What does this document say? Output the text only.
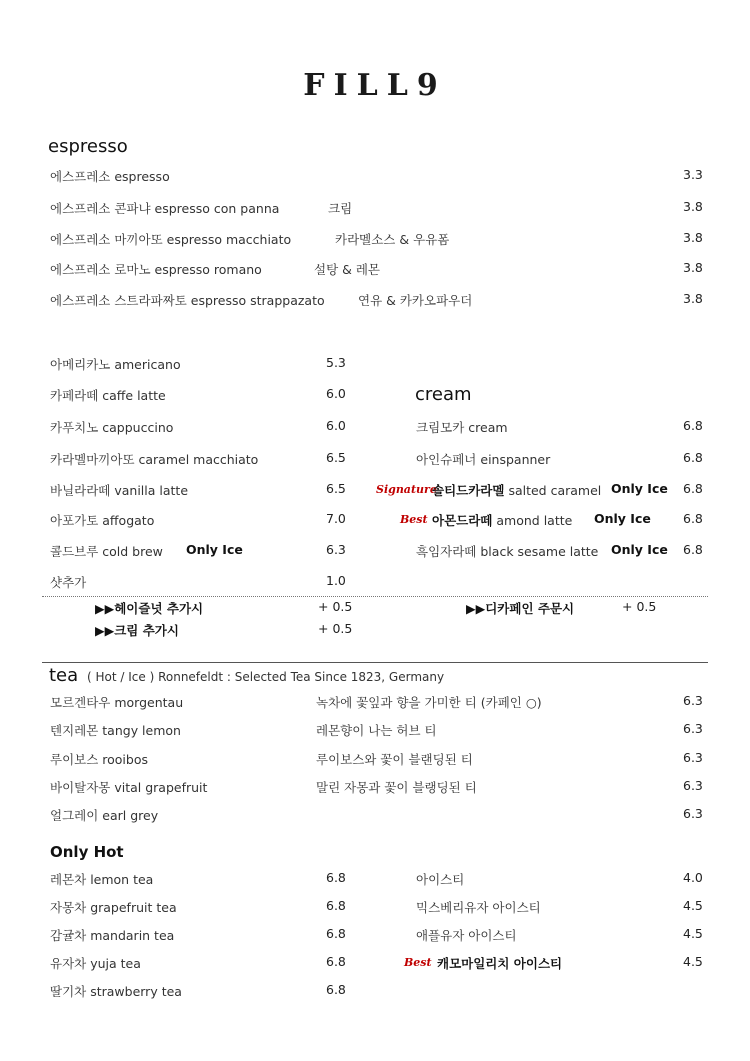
FILL9
espresso
에스프레소 espresso	3.3
에스프레소 콘파냐 espresso con panna	크림	3.8
에스프레소 마끼아또 espresso macchiato	카라멜소스 & 우유폼	3.8
에스프레소 로마노 espresso romano	설탕 & 레몬	3.8
에스프레소 스트라파짜토 espresso strappazato	연유 & 카카오파우더	3.8
아메리카노 americano	5.3
카페라떼 caffe latte	6.0
카푸치노 cappuccino	6.0
카라멜마끼아또 caramel macchiato	6.5
바닐라라떼 vanilla latte	6.5
아포가토 affogato	7.0
콜드브루 cold brew Only Ice	6.3
샷추가	1.0
cream
크림모카 cream	6.8
아인슈페너 einspanner	6.8
Signature
솔티드카라멜 salted caramel Only Ice 6.8
Best 아몬드라떼 amond latte Only Ice	6.8
흑임자라떼 black sesame latte Only Ice 6.8
▶▶헤이즐넛 추가시	+ 0.5
▶▶크림 추가시	+ 0.5
▶▶디카페인 주문시	+ 0.5
tea ( Hot / Ice ) Ronnefeldt : Selected Tea Since 1823, Germany
모르겐타우 morgentau	녹차에 꽃잎과 향을 가미한 티 (카페인 ○)	6.3
텐지레몬 tangy lemon	레몬향이 나는 허브 티	6.3
루이보스 rooibos	루이보스와 꽃이 블랜딩된 티	6.3
바이탈자몽 vital grapefruit	말린 자몽과 꽃이 블랭딩된 티	6.3
얼그레이 earl grey	6.3
Only Hot
레몬차 lemon tea	6.8
자몽차 grapefruit tea	6.8
감귤차 mandarin tea	6.8
유자차 yuja tea	6.8
딸기차 strawberry tea	6.8
아이스티	4.0
믹스베리유자 아이스티	4.5
애플유자 아이스티	4.5
Best 캐모마일리치 아이스티	4.5
